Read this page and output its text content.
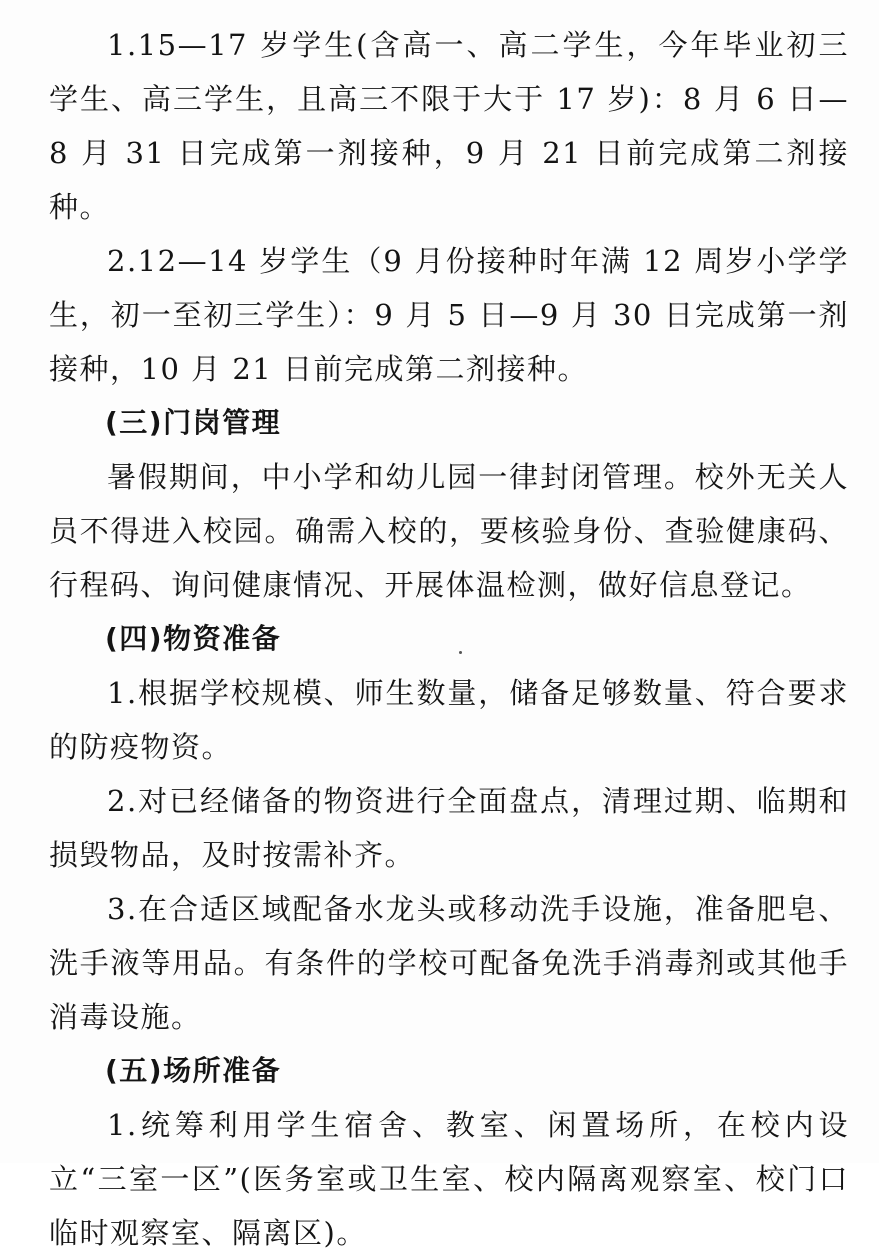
1.15—17 岁学生(含高一、高二学生，今年毕业初三学生、高三学生，且高三不限于大于 17 岁)：8 月 6 日—8 月 31 日完成第一剂接种，9 月 21 日前完成第二剂接种。

2.12—14 岁学生（9 月份接种时年满 12 周岁小学学生，初一至初三学生）：9 月 5 日—9 月 30 日完成第一剂接种，10 月 21 日前完成第二剂接种。

(三)门岗管理

暑假期间，中小学和幼儿园一律封闭管理。校外无关人员不得进入校园。确需入校的，要核验身份、查验健康码、行程码、询问健康情况、开展体温检测，做好信息登记。

(四)物资准备

1.根据学校规模、师生数量，储备足够数量、符合要求的防疫物资。

2.对已经储备的物资进行全面盘点，清理过期、临期和损毁物品，及时按需补齐。

3.在合适区域配备水龙头或移动洗手设施，准备肥皂、洗手液等用品。有条件的学校可配备免洗手消毒剂或其他手消毒设施。

(五)场所准备

1.统筹利用学生宿舍、教室、闲置场所，在校内设立“三室一区”(医务室或卫生室、校内隔离观察室、校门口临时观察室、隔离区)。
